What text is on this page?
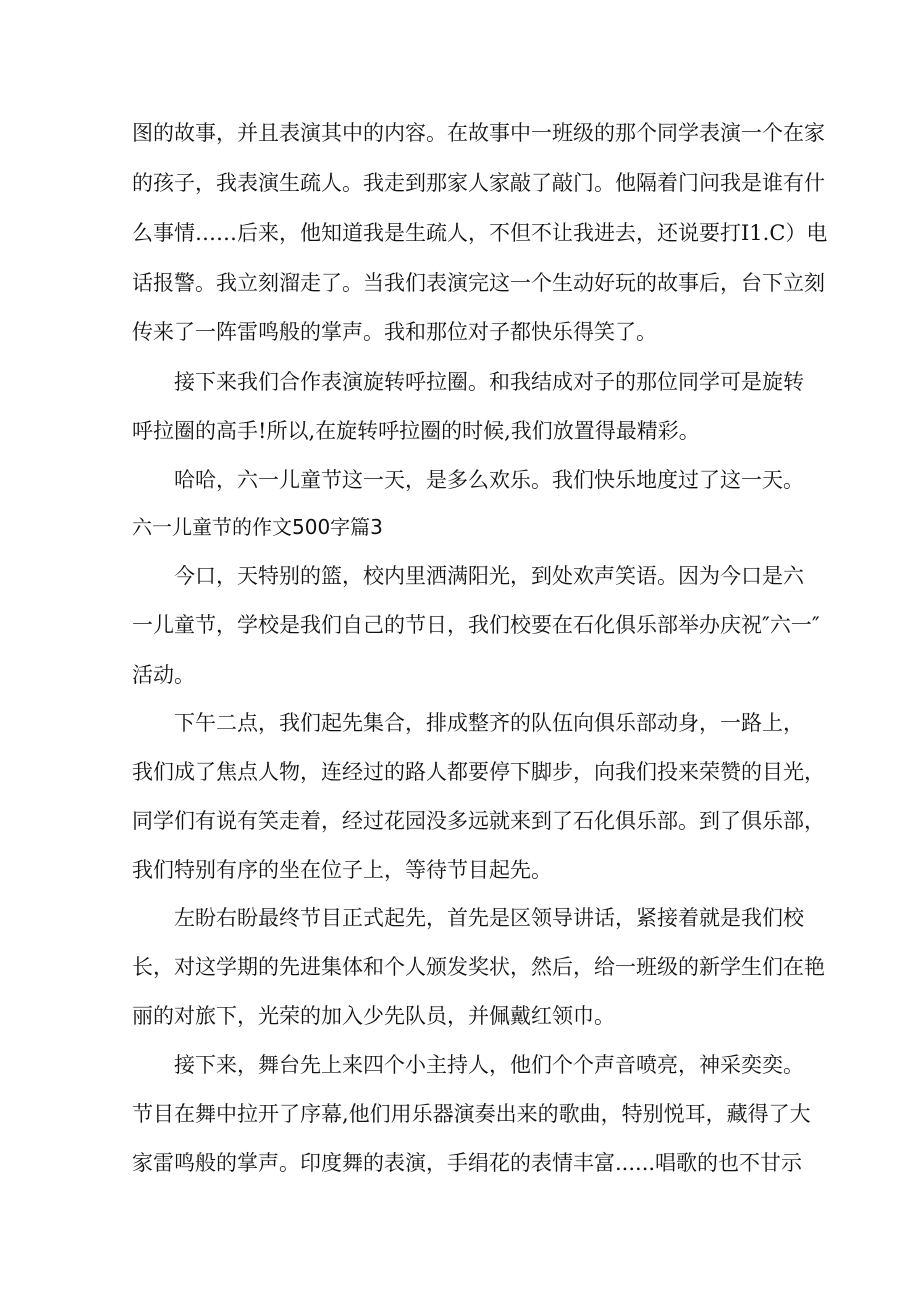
图的故事，并且表演其中的内容。在故事中一班级的那个同学表演一个在家
的孩子，我表演生疏人。我走到那家人家敲了敲门。他隔着门问我是谁有什
么事情……后来，他知道我是生疏人，不但不让我进去，还说要打I1.C）电
话报警。我立刻溜走了。当我们表演完这一个生动好玩的故事后，台下立刻
传来了一阵雷鸣般的掌声。我和那位对子都快乐得笑了。
接下来我们合作表演旋转呼拉圈。和我结成对子的那位同学可是旋转
呼拉圈的高手!所以,在旋转呼拉圈的时候,我们放置得最精彩。
哈哈，六一儿童节这一天，是多么欢乐。我们快乐地度过了这一天。
六一儿童节的作文500字篇3
今口，天特别的篮，校内里洒满阳光，到处欢声笑语。因为今口是六
一儿童节，学校是我们自己的节日，我们校要在石化俱乐部举办庆祝″六一″
活动。
下午二点，我们起先集合，排成整齐的队伍向俱乐部动身，一路上，
我们成了焦点人物，连经过的路人都要停下脚步，向我们投来荣赞的目光，
同学们有说有笑走着，经过花园没多远就来到了石化俱乐部。到了俱乐部，
我们特别有序的坐在位子上，等待节目起先。
左盼右盼最终节目正式起先，首先是区领导讲话，紧接着就是我们校
长，对这学期的先进集体和个人颁发奖状，然后，给一班级的新学生们在艳
丽的对旅下，光荣的加入少先队员，并佩戴红领巾。
接下来，舞台先上来四个小主持人，他们个个声音喷亮，神采奕奕。
节目在舞中拉开了序幕,他们用乐器演奏出来的歌曲，特别悦耳，藏得了大
家雷鸣般的掌声。印度舞的表演，手绢花的表情丰富......唱歌的也不甘示
